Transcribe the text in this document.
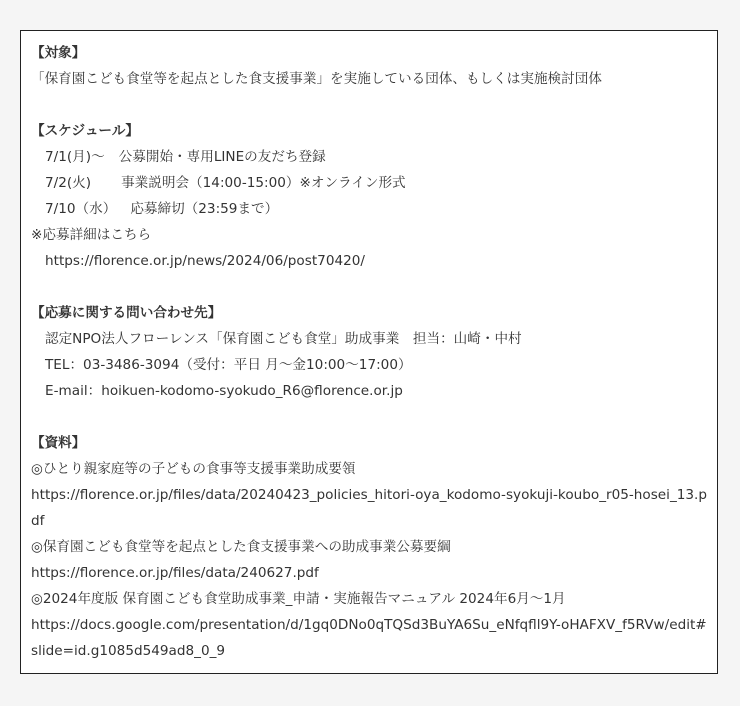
【対象】
「保育園こども食堂等を起点とした食支援事業」を実施している団体、もしくは実施検討団体
【スケジュール】
7/1(月)〜 公募開始・専用LINEの友だち登録
7/2(火) 事業説明会（14:00-15:00）※オンライン形式
7/10（水） 応募締切（23:59まで）
※応募詳細はこちら
https://florence.or.jp/news/2024/06/post70420/
【応募に関する問い合わせ先】
認定NPO法人フローレンス「保育園こども食堂」助成事業　担当：山崎・中村
TEL：03-3486-3094（受付：平日 月〜金10:00〜17:00）
E-mail：hoikuen-kodomo-syokudo_R6@florence.or.jp
【資料】
◎ひとり親家庭等の子どもの食事等支援事業助成要領
https://florence.or.jp/files/data/20240423_policies_hitori-oya_kodomo-syokuji-koubo_r05-hosei_13.pdf
◎保育園こども食堂等を起点とした食支援事業への助成事業公募要綱
https://florence.or.jp/files/data/240627.pdf
◎2024年度版 保育園こども食堂助成事業_申請・実施報告マニュアル 2024年6月〜1月
https://docs.google.com/presentation/d/1gq0DNo0qTQSd3BuYA6Su_eNfqfll9Y-oHAFXV_f5RVw/edit#slide=id.g1085d549ad8_0_9
